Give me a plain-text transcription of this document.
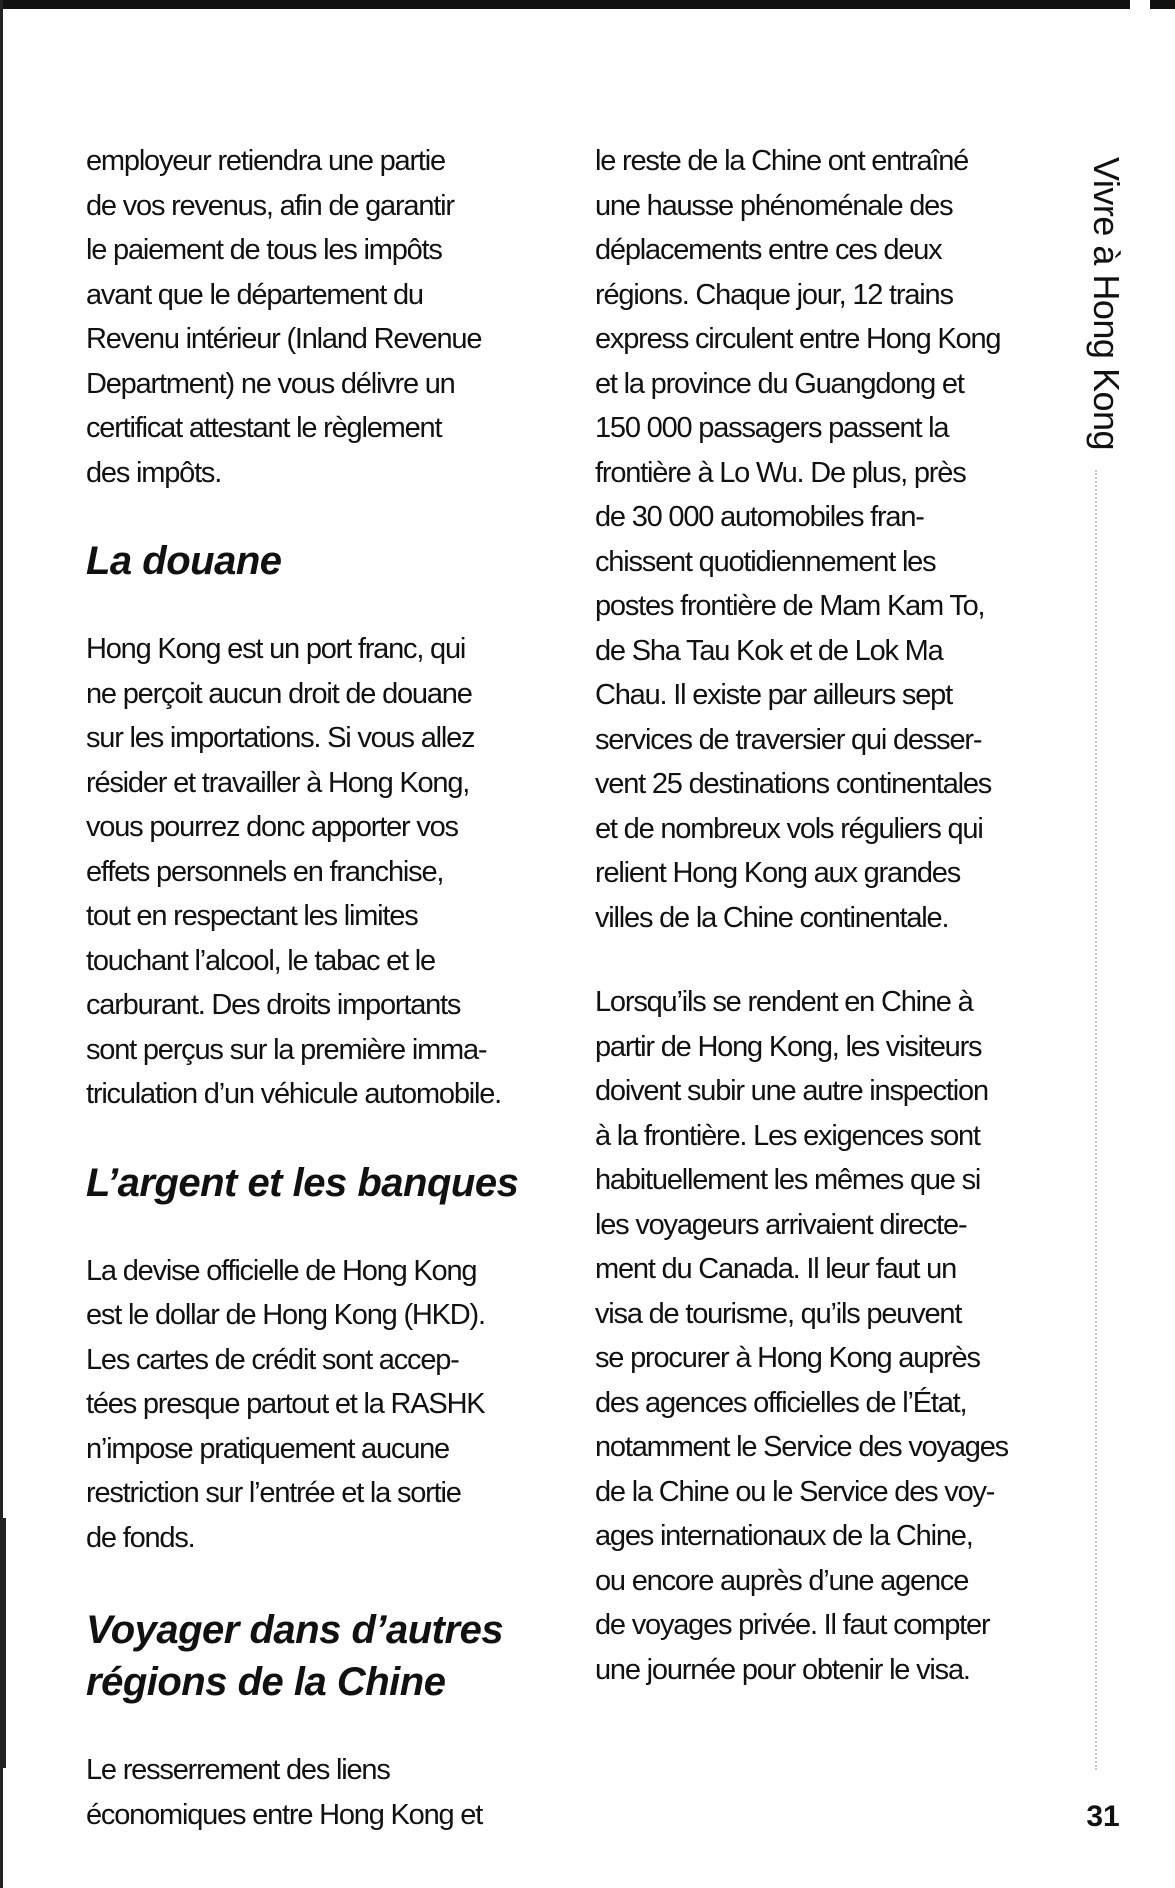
employeur retiendra une partie
de vos revenus, afin de garantir
le paiement de tous les impôts
avant que le département du
Revenu intérieur (Inland Revenue
Department) ne vous délivre un
certificat attestant le règlement
des impôts.

La douane

Hong Kong est un port franc, qui
ne perçoit aucun droit de douane
sur les importations. Si vous allez
résider et travailler à Hong Kong,
vous pourrez donc apporter vos
effets personnels en franchise,
tout en respectant les limites
touchant l’alcool, le tabac et le
carburant. Des droits importants
sont perçus sur la première imma-
triculation d’un véhicule automobile.

L’argent et les banques

La devise officielle de Hong Kong
est le dollar de Hong Kong (HKD).
Les cartes de crédit sont accep-
tées presque partout et la RASHK
n’impose pratiquement aucune
restriction sur l’entrée et la sortie
de fonds.

Voyager dans d’autres
régions de la Chine

Le resserrement des liens
économiques entre Hong Kong et

le reste de la Chine ont entraîné
une hausse phénoménale des
déplacements entre ces deux
régions. Chaque jour, 12 trains
express circulent entre Hong Kong
et la province du Guangdong et
150 000 passagers passent la
frontière à Lo Wu. De plus, près
de 30 000 automobiles fran-
chissent quotidiennement les
postes frontière de Mam Kam To,
de Sha Tau Kok et de Lok Ma
Chau. Il existe par ailleurs sept
services de traversier qui desser-
vent 25 destinations continentales
et de nombreux vols réguliers qui
relient Hong Kong aux grandes
villes de la Chine continentale.

Lorsqu’ils se rendent en Chine à
partir de Hong Kong, les visiteurs
doivent subir une autre inspection
à la frontière. Les exigences sont
habituellement les mêmes que si
les voyageurs arrivaient directe-
ment du Canada. Il leur faut un
visa de tourisme, qu’ils peuvent
se procurer à Hong Kong auprès
des agences officielles de l’État,
notamment le Service des voyages
de la Chine ou le Service des voy-
ages internationaux de la Chine,
ou encore auprès d’une agence
de voyages privée. Il faut compter
une journée pour obtenir le visa.

Vivre à Hong Kong
31
